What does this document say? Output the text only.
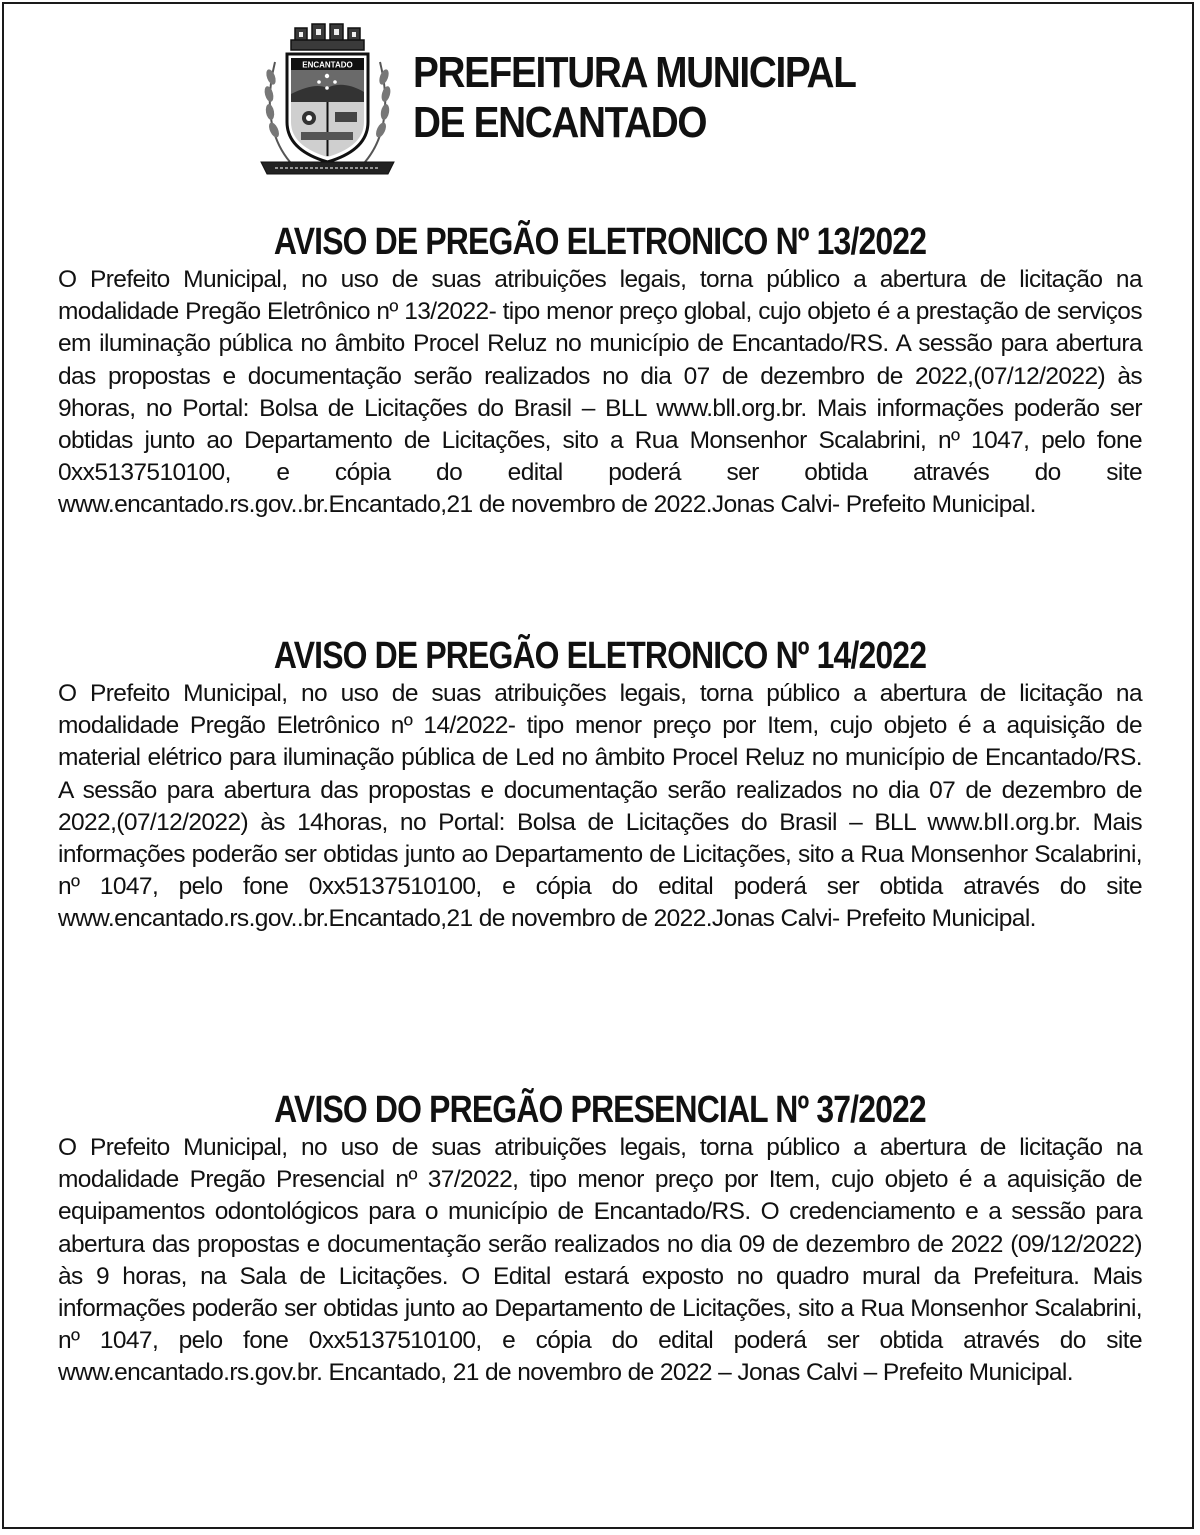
ENCANTADO PREFEITURA MUNICIPAL
DE ENCANTADO
AVISO DE PREGÃO ELETRONICO Nº 13/2022

O Prefeito Municipal, no uso de suas atribuições legais, torna público a abertura de licitação na modalidade Pregão Eletrônico nº 13/2022- tipo menor preço global, cujo objeto é a prestação de serviços em iluminação pública no âmbito Procel Reluz no município de Encantado/RS. A sessão para abertura das propostas e documentação serão realizados no dia 07 de dezembro de 2022,(07/12/2022) às 9horas, no Portal: Bolsa de Licitações do Brasil – BLL www.bll.org.br. Mais informações poderão ser obtidas junto ao Departamento de Licitações, sito a Rua Monsenhor Scalabrini, nº 1047, pelo fone 0xx5137510100, e cópia do edital poderá ser obtida através do site www.encantado.rs.gov..br.Encantado,21 de novembro de 2022.Jonas Calvi- Prefeito Municipal.

AVISO DE PREGÃO ELETRONICO Nº 14/2022

O Prefeito Municipal, no uso de suas atribuições legais, torna público a abertura de licitação na modalidade Pregão Eletrônico nº 14/2022- tipo menor preço por Item, cujo objeto é a aquisição de material elétrico para iluminação pública de Led no âmbito Procel Reluz no município de Encantado/RS. A sessão para abertura das propostas e documentação serão realizados no dia 07 de dezembro de 2022,(07/12/2022) às 14horas, no Portal: Bolsa de Licitações do Brasil – BLL www.bII.org.br. Mais informações poderão ser obtidas junto ao Departamento de Licitações, sito a Rua Monsenhor Scalabrini, nº 1047, pelo fone 0xx5137510100, e cópia do edital poderá ser obtida através do site www.encantado.rs.gov..br.Encantado,21 de novembro de 2022.Jonas Calvi- Prefeito Municipal.

AVISO DO PREGÃO PRESENCIAL Nº 37/2022

O Prefeito Municipal, no uso de suas atribuições legais, torna público a abertura de licitação na modalidade Pregão Presencial nº 37/2022, tipo menor preço por Item, cujo objeto é a aquisição de equipamentos odontológicos para o município de Encantado/RS. O credenciamento e a sessão para abertura das propostas e documentação serão realizados no dia 09 de dezembro de 2022 (09/12/2022) às 9 horas, na Sala de Licitações. O Edital estará exposto no quadro mural da Prefeitura. Mais informações poderão ser obtidas junto ao Departamento de Licitações, sito a Rua Monsenhor Scalabrini, nº 1047, pelo fone 0xx5137510100, e cópia do edital poderá ser obtida através do site www.encantado.rs.gov.br. Encantado, 21 de novembro de 2022 – Jonas Calvi – Prefeito Municipal.
